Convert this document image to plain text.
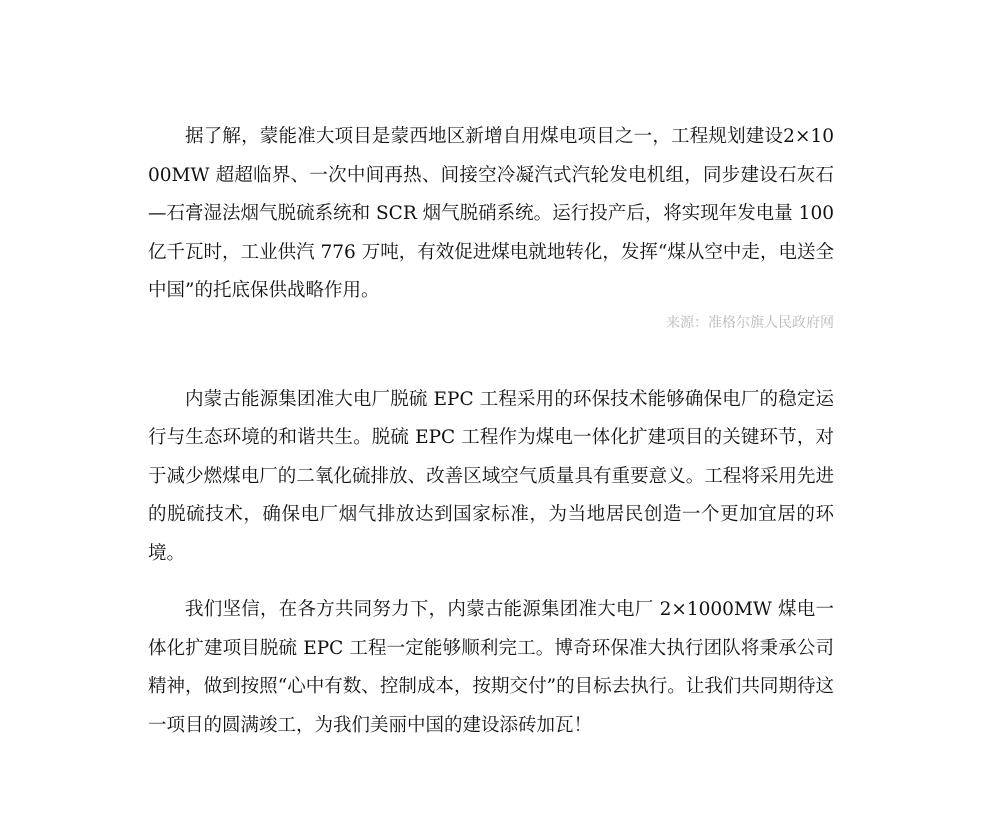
据了解，蒙能准大项目是蒙西地区新增自用煤电项目之一，工程规划建设2×1000MW 超超临界、一次中间再热、间接空冷凝汽式汽轮发电机组，同步建设石灰石—石膏湿法烟气脱硫系统和 SCR 烟气脱硝系统。运行投产后，将实现年发电量 100 亿千瓦时，工业供汽 776 万吨，有效促进煤电就地转化，发挥“煤从空中走，电送全中国”的托底保供战略作用。

来源：准格尔旗人民政府网

内蒙古能源集团准大电厂脱硫 EPC 工程采用的环保技术能够确保电厂的稳定运行与生态环境的和谐共生。脱硫 EPC 工程作为煤电一体化扩建项目的关键环节，对于减少燃煤电厂的二氧化硫排放、改善区域空气质量具有重要意义。工程将采用先进的脱硫技术，确保电厂烟气排放达到国家标准，为当地居民创造一个更加宜居的环境。

我们坚信，在各方共同努力下，内蒙古能源集团准大电厂 2×1000MW 煤电一体化扩建项目脱硫 EPC 工程一定能够顺利完工。博奇环保准大执行团队将秉承公司精神，做到按照“心中有数、控制成本，按期交付”的目标去执行。让我们共同期待这一项目的圆满竣工，为我们美丽中国的建设添砖加瓦！
